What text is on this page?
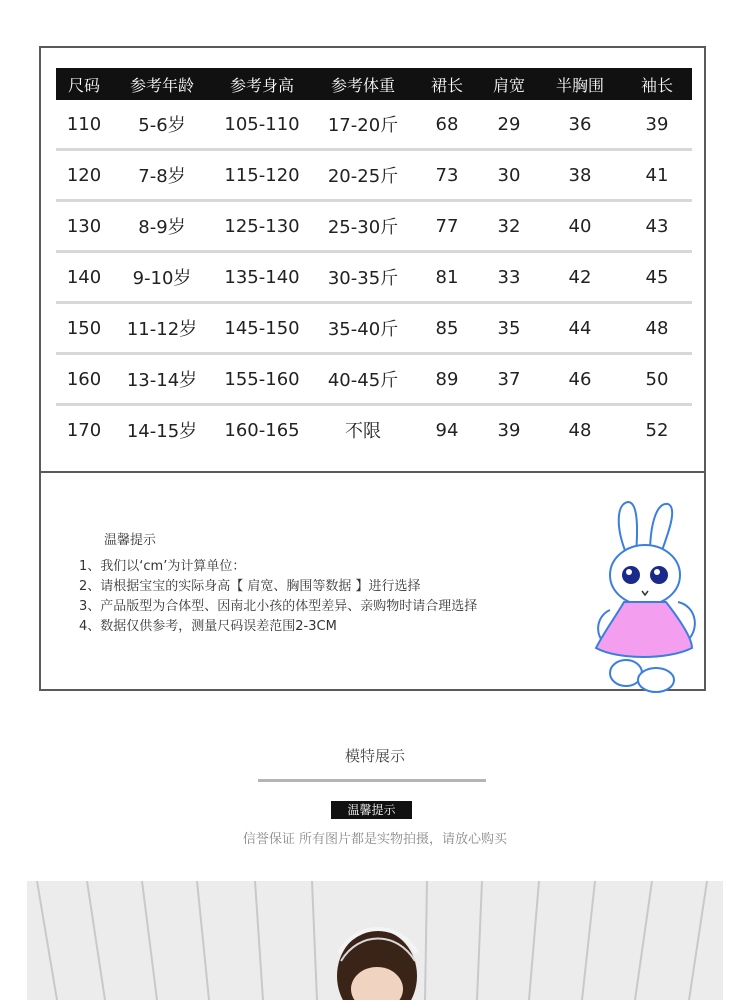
尺码	参考年龄	参考身高	参考体重	裙长	肩宽	半胸围	袖长
110	5-6岁	105-110	17-20斤	68	29	36	39
120	7-8岁	115-120	20-25斤	73	30	38	41
130	8-9岁	125-130	25-30斤	77	32	40	43
140	9-10岁	135-140	30-35斤	81	33	42	45
150	11-12岁	145-150	35-40斤	85	35	44	48
160	13-14岁	155-160	40-45斤	89	37	46	50
170	14-15岁	160-165	不限	94	39	48	52
温馨提示
1、我们以‘cm’为计算单位：
2、请根据宝宝的实际身高【 肩宽、胸围等数据 】进行选择
3、产品版型为合体型、因南北小孩的体型差异、亲购物时请合理选择
4、数据仅供参考，测量尺码误差范围2-3CM
模特展示
温馨提示
信誉保证 所有图片都是实物拍摄，请放心购买
